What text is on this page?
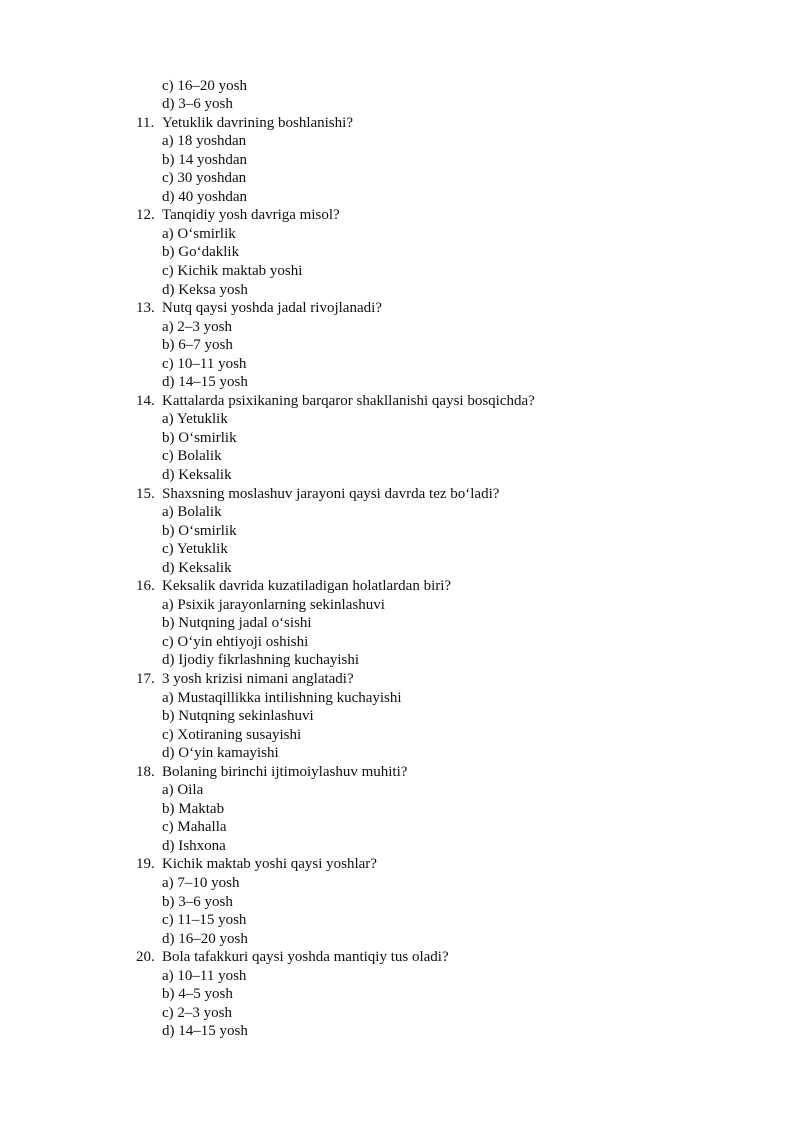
c) 16–20 yosh
d) 3–6 yosh
11. Yetuklik davrining boshlanishi?
a) 18 yoshdan
b) 14 yoshdan
c) 30 yoshdan
d) 40 yoshdan
12. Tanqidiy yosh davriga misol?
a) O‘smirlik
b) Go‘daklik
c) Kichik maktab yoshi
d) Keksa yosh
13. Nutq qaysi yoshda jadal rivojlanadi?
a) 2–3 yosh
b) 6–7 yosh
c) 10–11 yosh
d) 14–15 yosh
14. Kattalarda psixikaning barqaror shakllanishi qaysi bosqichda?
a) Yetuklik
b) O‘smirlik
c) Bolalik
d) Keksalik
15. Shaxsning moslashuv jarayoni qaysi davrda tez bo‘ladi?
a) Bolalik
b) O‘smirlik
c) Yetuklik
d) Keksalik
16. Keksalik davrida kuzatiladigan holatlardan biri?
a) Psixik jarayonlarning sekinlashuvi
b) Nutqning jadal o‘sishi
c) O‘yin ehtiyoji oshishi
d) Ijodiy fikrlashning kuchayishi
17. 3 yosh krizisi nimani anglatadi?
a) Mustaqillikka intilishning kuchayishi
b) Nutqning sekinlashuvi
c) Xotiraning susayishi
d) O‘yin kamayishi
18. Bolaning birinchi ijtimoiylashuv muhiti?
a) Oila
b) Maktab
c) Mahalla
d) Ishxona
19. Kichik maktab yoshi qaysi yoshlar?
a) 7–10 yosh
b) 3–6 yosh
c) 11–15 yosh
d) 16–20 yosh
20. Bola tafakkuri qaysi yoshda mantiqiy tus oladi?
a) 10–11 yosh
b) 4–5 yosh
c) 2–3 yosh
d) 14–15 yosh
